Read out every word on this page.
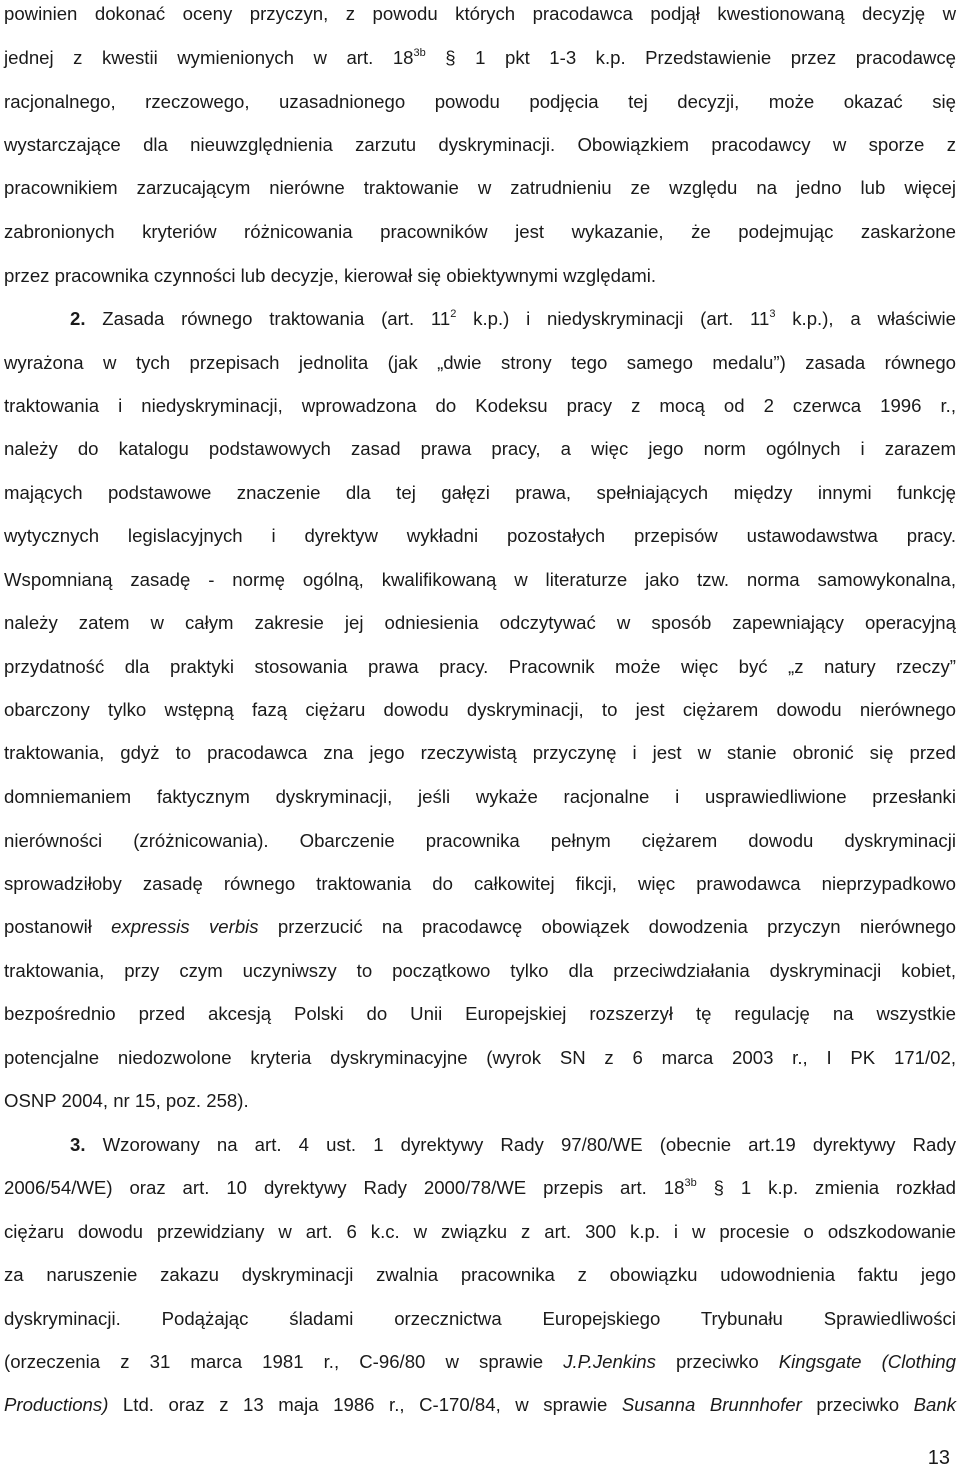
powinien dokonać oceny przyczyn, z powodu których pracodawca podjął kwestionowaną decyzję w
jednej z kwestii wymienionych w art. $18^{3b}$ § 1 pkt 1-3 k.p. Przedstawienie przez pracodawcę
racjonalnego, rzeczowego, uzasadnionego powodu podjęcia tej decyzji, może okazać się
wystarczające dla nieuwzględnienia zarzutu dyskryminacji. Obowiązkiem pracodawcy w sporze z
pracownikiem zarzucającym nierówne traktowanie w zatrudnieniu ze względu na jedno lub więcej
zabronionych kryteriów różnicowania pracowników jest wykazanie, że podejmując zaskarżone
przez pracownika czynności lub decyzje, kierował się obiektywnymi względami.
2. Zasada równego traktowania (art. $11^2$ k.p.) i niedyskryminacji (art. $11^3$ k.p.), a właściwie
wyrażona w tych przepisach jednolita (jak „dwie strony tego samego medalu”) zasada równego
traktowania i niedyskryminacji, wprowadzona do Kodeksu pracy z mocą od 2 czerwca 1996 r.,
należy do katalogu podstawowych zasad prawa pracy, a więc jego norm ogólnych i zarazem
mających podstawowe znaczenie dla tej gałęzi prawa, spełniających między innymi funkcję
wytycznych legislacyjnych i dyrektyw wykładni pozostałych przepisów ustawodawstwa pracy.
Wspomnianą zasadę - normę ogólną, kwalifikowaną w literaturze jako tzw. norma samowykonalna,
należy zatem w całym zakresie jej odniesienia odczytywać w sposób zapewniający operacyjną
przydatność dla praktyki stosowania prawa pracy. Pracownik może więc być „z natury rzeczy”
obarczony tylko wstępną fazą ciężaru dowodu dyskryminacji, to jest ciężarem dowodu nierównego
traktowania, gdyż to pracodawca zna jego rzeczywistą przyczynę i jest w stanie obronić się przed
domniemaniem faktycznym dyskryminacji, jeśli wykaże racjonalne i usprawiedliwione przesłanki
nierówności (zróżnicowania). Obarczenie pracownika pełnym ciężarem dowodu dyskryminacji
sprowadziłoby zasadę równego traktowania do całkowitej fikcji, więc prawodawca nieprzypadkowo
postanowił expressis verbis przerzucić na pracodawcę obowiązek dowodzenia przyczyn nierównego
traktowania, przy czym uczyniwszy to początkowo tylko dla przeciwdziałania dyskryminacji kobiet,
bezpośrednio przed akcesją Polski do Unii Europejskiej rozszerzył tę regulację na wszystkie
potencjalne niedozwolone kryteria dyskryminacyjne (wyrok SN z 6 marca 2003 r., I PK 171/02,
OSNP 2004, nr 15, poz. 258).
3. Wzorowany na art. 4 ust. 1 dyrektywy Rady 97/80/WE (obecnie art.19 dyrektywy Rady
2006/54/WE) oraz art. 10 dyrektywy Rady 2000/78/WE przepis art. $18^{3b}$ § 1 k.p. zmienia rozkład
ciężaru dowodu przewidziany w art. 6 k.c. w związku z art. 300 k.p. i w procesie o odszkodowanie
za naruszenie zakazu dyskryminacji zwalnia pracownika z obowiązku udowodnienia faktu jego
dyskryminacji. Podążając śladami orzecznictwa Europejskiego Trybunału Sprawiedliwości
(orzeczenia z 31 marca 1981 r., C-96/80 w sprawie J.P.Jenkins przeciwko Kingsgate (Clothing
Productions) Ltd. oraz z 13 maja 1986 r., C-170/84, w sprawie Susanna Brunnhofer przeciwko Bank
13
